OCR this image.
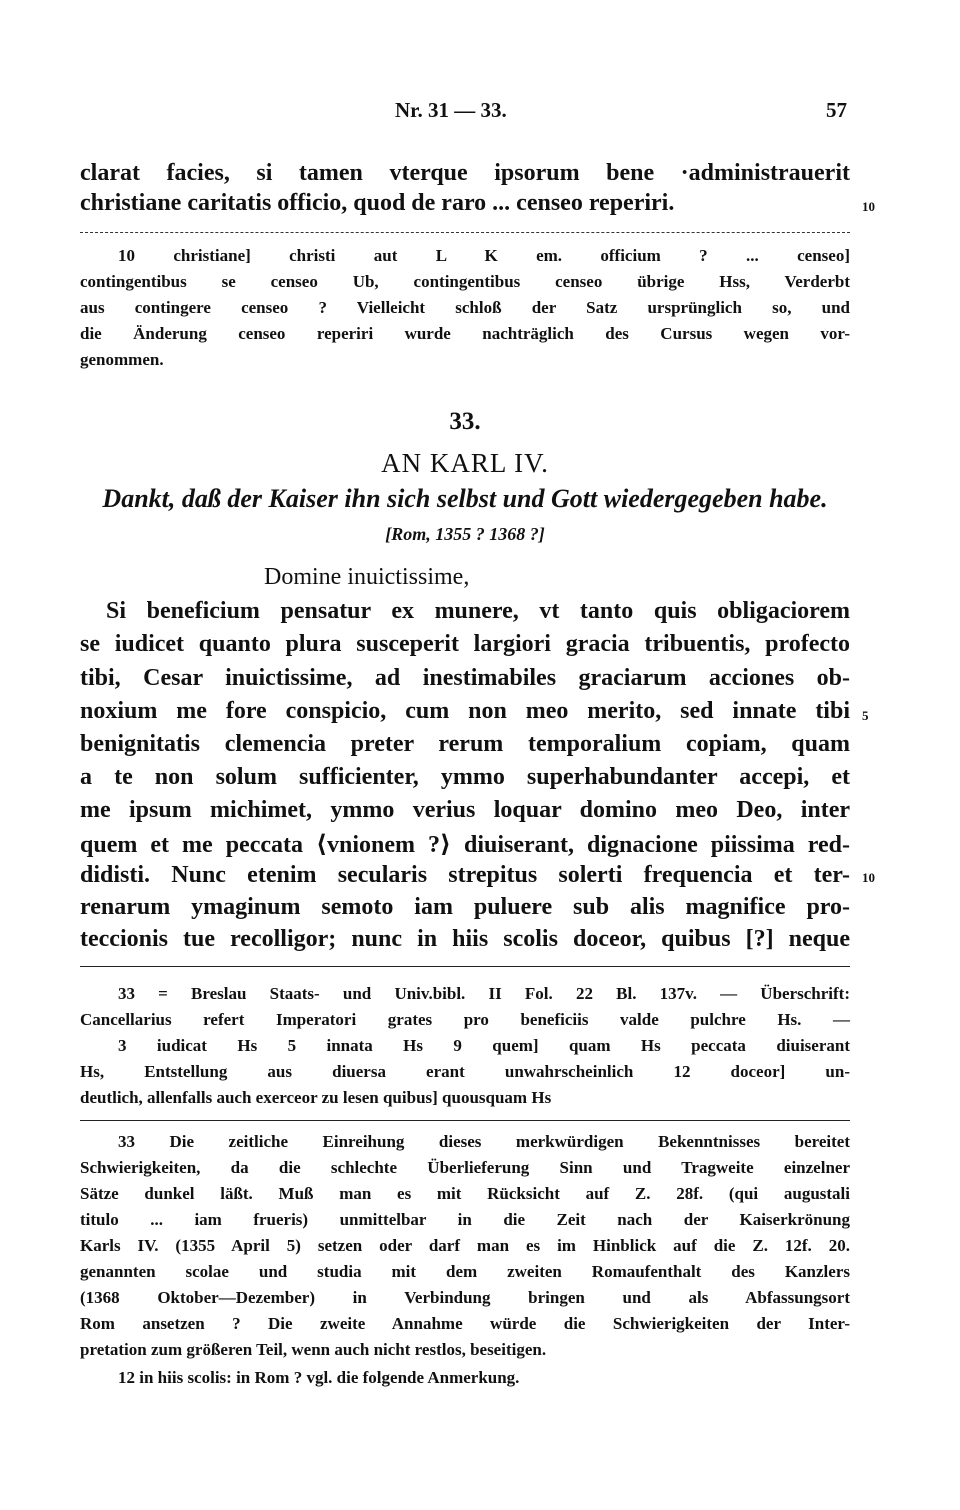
Nr. 31 — 33.	57
clarat facies, si tamen vterque ipsorum bene ·administrauerit
christiane caritatis officio, quod de raro ... censeo reperiri.	10
10 christiane] christi aut L K em. officium ? ... censeo]
contingentibus se censeo Ub, contingentibus censeo übrige Hss, Verderbt
aus contingere censeo ? Vielleicht schloß der Satz ursprünglich so, und
die Änderung censeo reperiri wurde nachträglich des Cursus wegen vor-
genommen.
33.
AN KARL IV.
Dankt, daß der Kaiser ihn sich selbst und Gott wiedergegeben habe.
[Rom, 1355 ? 1368 ?]
Domine inuictissime,
Si beneficium pensatur ex munere, vt tanto quis obligaciorem
se iudicet quanto plura susceperit largiori gracia tribuentis, profecto
tibi, Cesar inuictissime, ad inestimabiles graciarum acciones ob-
noxium me fore conspicio, cum non meo merito, sed innate tibi 5
benignitatis clemencia preter rerum temporalium copiam, quam
a te non solum sufficienter, ymmo superhabundanter accepi, et
me ipsum michimet, ymmo verius loquar domino meo Deo, inter
quem et me peccata ⟨vnionem ?⟩ diuiserant, dignacione piissima red-
didisti. Nunc etenim secularis strepitus solerti frequencia et ter- 10
renarum ymaginum semoto iam puluere sub alis magnifice pro-
teccionis tue recolligor; nunc in hiis scolis doceor, quibus [?] neque
33 = Breslau Staats- und Univ.bibl. II Fol. 22 Bl. 137v. — Überschrift:
Cancellarius refert Imperatori grates pro beneficiis valde pulchre Hs. —
3 iudicat Hs 5 innata Hs 9 quem] quam Hs peccata diuiserant
Hs, Entstellung aus diuersa erant unwahrscheinlich 12 doceor] un-
deutlich, allenfalls auch exerceor zu lesen quibus] quousquam Hs
33 Die zeitliche Einreihung dieses merkwürdigen Bekenntnisses bereitet
Schwierigkeiten, da die schlechte Überlieferung Sinn und Tragweite einzelner
Sätze dunkel läßt. Muß man es mit Rücksicht auf Z. 28f. (qui augustali
titulo ... iam frueris) unmittelbar in die Zeit nach der Kaiserkrönung
Karls IV. (1355 April 5) setzen oder darf man es im Hinblick auf die Z. 12f. 20.
genannten scolae und studia mit dem zweiten Romaufenthalt des Kanzlers
(1368 Oktober—Dezember) in Verbindung bringen und als Abfassungsort
Rom ansetzen ? Die zweite Annahme würde die Schwierigkeiten der Inter-
pretation zum größeren Teil, wenn auch nicht restlos, beseitigen.
12 in hiis scolis: in Rom ? vgl. die folgende Anmerkung.
